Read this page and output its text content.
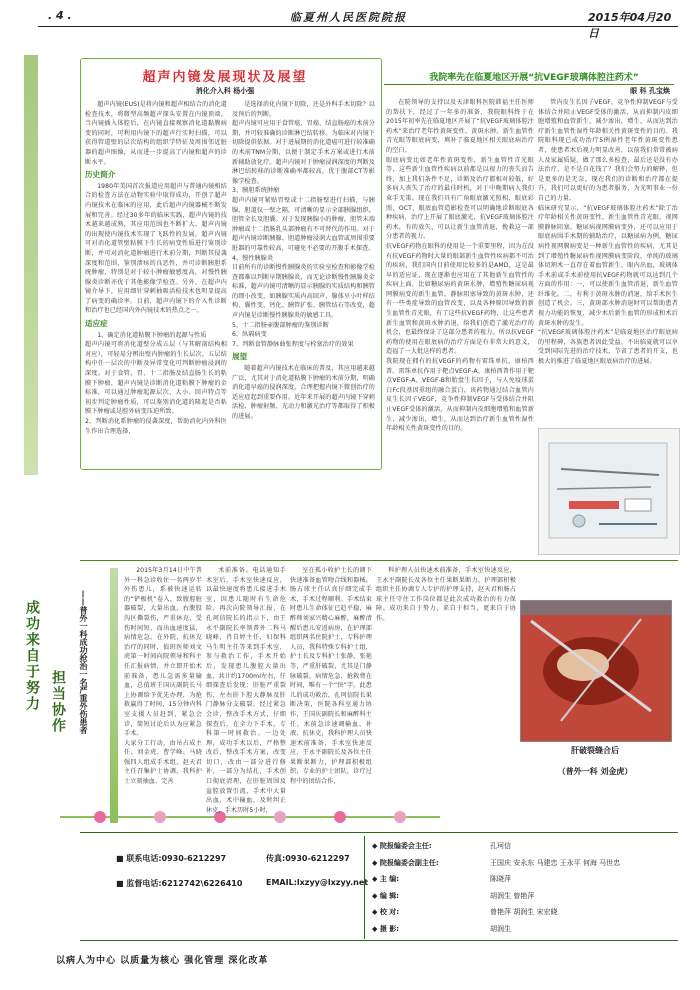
. 4 .	临夏州人民医院院报	2015年04月20日
超声内镜发展现状及展望
消化介入科 杨小强

超声内镜(EUS)是将内镜和超声相结合的消化道检查技术，将微型高频超声探头安置在内镜顶端，当内镜插入体腔后，在内镜直接观察消化道黏膜病变的同时，可利用内镜下的超声行实时扫描，可以获得管道壁的层次结构的组织学特征及周围邻近脏器的超声图像，从而进一步提高了内镜和超声的诊断水平。

历史简介

1980年美国首次报道应用超声与普通内镜相结合的检查方法在动物实验中取得成功，开创了超声内镜技术在临床的应用，此后超声内镜器械不断发展和完善。经过30多年的临床实践，超声内镜的技术越来越成熟，其应用范围也不断扩大。超声内镜的出现使内镜技术实现了飞跃性的发展。超声内镜可对消化道管壁粘膜下生长的病变性质进行鉴别诊断，并可对消化道肿瘤进行术前分期，判断其侵袭深度和范围，鉴别溃疡的良恶性，并可诊断胰胆系统肿瘤，特别是对于较小肿瘤敏感度高，对慢性胰腺炎诊断亦优于其他影像学检查。另外，在超声内镜介导下，应用细针穿刺抽吸活检技术也明显提高了病变的确诊率。目前，超声内镜下的介入性诊断和治疗也已经国内外内镜技术的热点之一。

适应症

1、确定消化道粘膜下肿瘤的起源与性质
超声内镜可将消化道壁分成五层（与其解剖结构相对应），可轻易分辨出壁内肿瘤的生长层次，五层结构中任一层次的中断及异常变化可判断肿瘤浸润的深度。对于食管、胃、十二指肠及结直肠生长的粘膜下肿瘤，超声内镜是诊断消化道粘膜下肿瘤的金标准，可以通过肿瘤起源层次、大小、回声特点等初步判定肿瘤性质，可以鉴别消化道的隆起是否粘膜下肿瘤或是腔外病变压迫所致。
2、判断消化系肿瘤的侵袭深度，帮助消化内外科医生作出合理选择，

是选择消化内镜下切除，还是外科手术切除？以及预后的判断。
超声内镜可应用于食管癌、胃癌、结直肠癌的术前分期，并可较准确的诊断淋巴结转移。为临床对内镜下切除提供依据。对于进展期的消化道癌可进行较准确的术前TNM分期，以便于制定手术方案或进行术前新辅助放化疗。超声内镜对于肿瘤浸润深度的判断及淋巴结转移的诊断准确率都较高，优于腹部CT等影像学检查。
3、胰胆系统肿瘤
超声内镜可紧贴胃壁或十二指肠壁进行扫描，与胰腺、胆道仅一壁之隔，可清晰的显示全部胰腺组织、胆管全长及胆囊。对于发现胰腺小的肿瘤，胆管末端肿瘤或十二指肠乳头部肿瘤有不可替代的作用。对于超声内镜诊断胰腺、胆道肿瘤浸润大血管或周围重要脏器的可靠性较高，可避免不必要的开腹手术探查。
4、慢性胰腺炎
目前所有的诊断慢性胰腺炎的实验室检查和影像学检查都难以判断早期胰腺炎，而无论诊断慢性胰腺炎金标准，超声内镜可清晰的显示胰腺的实质结构和胰管的细小改变，如胰腺实质内高回声、腺体呈小叶样结构、囊性变、钙化、胰管扩张、胰管结石等改变，超声内镜是诊断慢性胰腺炎的敏感工具。
5、十二指肠壶腹部肿瘤的鉴别诊断
6、纵隔病变
7、判断食管静脉曲张程度与栓塞治疗的效果

展望

随着超声内镜技术在临床的普及，其应用越来越广泛，尤其对于消化道粘膜下肿瘤的术前分期，明确消化道早癌的侵润深度，合理把握内镜下微创治疗的适应症起到重要作用。近年来开展的超声内镜下穿刺活检、肿瘤射频、光动力和激光治疗等都取得了积极的进展。

我院率先在临夏地区开展“抗VEGF玻璃体腔注药术”
眼 科 孔宝焕

在院领导的支持以及天津眼科医院韩福主任医师的帮扶下，经过了一年多的准备，我院眼科终于在2015年初率先在临夏地区开展了“抗VEGF玻璃体腔注药术”来治疗老年性黄斑变性、黄斑水肿、新生血管性青光眼等眼底病变，填补了临夏地区相关眼底病治疗的空白。
眼底病变比如老年性黄斑变性，新生血管性青光眼等，这些新生血管性疾病以前都是以视力的丧失而告终，加上我们条件不足，诊断及治疗都相对较低，好多病人丧失了治疗的最佳时机，对于中晚期病人我们束手无策。现在我们具有广角眼底激光照相，眼底彩照，OCT，眼底血管造影检查可以明确地诊断眼底各种疾病，治疗上开展了眼底激光，抗VEGF玻璃体腔注药术，有的放矢，可以让新生血管消退，挽救这一部分患者的视力。
抗VEGF药物在眼科的使用是一个重要里程，因为在没有抗VEGF药物时大量的眼部新生血管性疾病都不可治的疾病，我们国内目前使用比较多的是AMD，这是最早的适应证，现在逐渐也应用在了其他新生血管性的疾病上面，比如糖尿病的黄斑水肿，增殖性糖尿病视网膜病变的新生血管，静脉阻塞导致的黄斑水肿，还有一些类症导致的血管改变，以及各种原因导致的新生血管性青光眼，有了这些抗VEGF药物，让这些患者新生血管和黄斑水肿消退，给我们创造了激光治疗的机会，也最终保证了这部分患者的视力。所以抗VEGF药物的使用在眼底病的治疗方面是有非常大的意义，造福了一大批这样的患者。
我院现在拥有的抗VEGF的药物有雷珠单抗，康柏西普。雷珠单抗作用于靶点VEGF-A，康柏西普作用于靶点VEGF-A、VEGF-B和胎盘生长因子，与人免疫球蛋白Fc段基因重组的融合蛋白，该药物通过结合血管内皮生长因子VEGF，竞争性抑制VEGF与受体结合并阻止VEGF受体的激活，从而抑制内皮细胞增殖和血管新生，减少渗出，增生，从而达到治疗新生血管性湿性年龄相关性黄斑变性的目的。

管内皮生长因子VEGF，竞争性抑制VEGF与受体结合并阻止VEGF受体的激活，从而抑制内皮细胞增殖和血管新生，减少渗出，增生，从而达到治疗新生血管性湿性年龄相关性黄斑变性的目的。我院眼科现已成功治疗5例湿性老年性黄斑变性患者，使患者术后视力明显改善，以前我们常常被病人及家属质疑，做了那么多检查，最后还是没有办法治疗，是不是自花钱了？我们会努力的解释，但是更多的是无奈，现在我们的诊断和治疗都在提升，我们可以更好的为患者服务，为光明事业一份自己的力量。
临床研究显示，“抗VEGF玻璃体腔注药术”除了治疗年龄相关性黄斑变性、新生血管性青光眼、视网膜静脉阻塞、糖尿病视网膜病变外，还可以应用于眼底病围手术期的辅助治疗，以糖尿病为例，糖尿病性视网膜病变是一种新生血管性的疾病，尤其是到了增殖性糖尿病性视网膜病变阶段，单纯的玻璃体切割术一直存在着血管新生、眼内出血，玻璃体手术前或手术前使用抗VEGF药物就可以达到几个方面的作用：一，可以使新生血管消退，新生血管纤维化。二，有利于黄斑水肿的消退，给手术医生创造了机会。三，黄斑部水肿消退时可以帮助患者视力功能的恢复，减少术后新生血管的形成和术后黄斑水肿的发生。
“抗VEGF玻璃体腔注药术”是临夏地区治疗眼底病的里程碑，各族患者因此受益，不出临夏就可以享受到国际先进的治疗技术，节省了患者的开支，也极大的推进了临夏地区眼底病治疗的进展。

成功来自于努力 担当协作 ——普外一科成功抢治一名严重外伤患者

2015年3月14日中午普外一科急诊收住一名两岁半外伤患儿，系被快速运转的“铲极机”卷入，致腹腔脏器破裂，大量出血，右腹股沟区撕裂伤，严重休克，受伤时间短，而出血速度猛，病情危急。在外院，抗休克治疗的同时，值班医师刘文虎第一时间向院领导和科主任汇报病情，并立即开始术前准备，患儿急需多量输血，总值班王国庆副院长马上协调给予优先办理，为抢救赢得了时间，15分钟内科室支援人员赶到，紧急会诊，简短讨论后认为应紧急手术。
大家分工行动，由吊占成主任、刘金虎、曹学峰、马晓强四人组成手术组，赵天君主任召集护士协调，我科护士立刻抽血、完善

术前准备。电话通知手术室后，手术室快速反应，以最快速度将患儿接进手术室，因患儿随时有生命危险，再次向院领导汇报，在孔珂信院长的指示下，由王永平副院长率领普外二科马晓峰，肖自婷主任，妇保科马生明主任等来到手术室，参与救治工作，手术开始后，发现患儿腹腔大量出血，共计约1700ml左右，仔细探查后发现：肝脏严重裂伤，左右肝下腔大静脉及肝门静脉分支破裂，经过紧急会诊，整改手术方式，仔细探查后，在全力下手术，专科第一时间救治、一边处理，成功手术以后，严格整改后，整改手术方案，改变切口，改由一部分进行修补，一部分为结扎，手术创口彻底清理，在肝脏周围及盆腔放置引流，手术中大量出血，术中输血，及时纠正休克，手术历时5小时，

室在孤小收护士长的调下快速准备血管吻合线和器械。肠占球主任认真仔细完成手术，手术过程顺利。手术结束时患儿生命体征已趋平稳，麻醉师刘家兴精心麻醉，麻醉清醒后患儿安返病房，在护理部组织两名住院护士，专科护理人员，我科特殊专科护士组，护士长及专科护士张静、张艳等，严重肝破裂，尤其是门静脉破裂，病情危急，抢救费在时间，唯有一个“快”字。此患儿的成功救治，孔珂信院长果断决策，医院各科室通力协作，王国庆副院长和麻醉科主任，术前急诊速调输血、补液、抗休克，我科护理人员快速术前准备，手术室快速反应，王永平副院长及各位主任果断果断力，护理部积极组织，专业的护士团队，诊疗过程中的团结合作，

科护理人员快速术前准备，手术室快速反应，王永平副院长及各位主任果断果断力，护理部积极组织主任协调专人专护的护理支持，赵天君和肠占球主任守住工作岗位都是此次成功救治的有力保障。成功来自于努力，来自于担当，更来自于协作。

肝破裂缝合后
（普外一科 刘金虎）
■ 联系电话:0930-6212297	传真:0930-6212297
■ 监督电话:6212742\6226410	EMAIL:lxzyy@lxzyy.net
◆ 院报编委会主任:	孔珂信
◆ 院报编委会副主任:	王国庆 安永东 马建忠 王永平 何海 马世忠
◆ 主 编:	陈晓萍
◆ 编 辑:	胡润生 曾艳萍
◆ 校 对:	曾艳萍 胡润生 宋宏晓
◆ 摄 影:	胡润生
以病人为中心 以质量为核心 强化管理 深化改革
